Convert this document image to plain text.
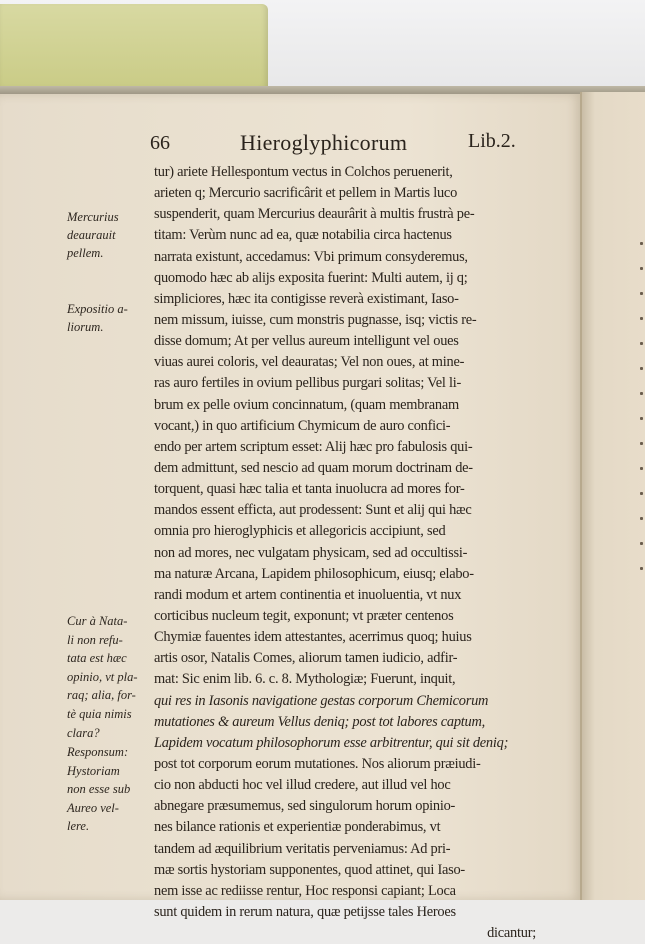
66	Hieroglyphicorum	Lib.2.
tur) ariete Hellespontum vectus in Colchos peruenerit,
arieten q; Mercurio sacrificârit et pellem in Martis luco
suspenderit, quam Mercurius deaurârit à multis frustrà pe-
titam: Verùm nunc ad ea, quæ notabilia circa hactenus
narrata existunt, accedamus: Vbi primum consyderemus,
quomodo hæc ab alijs exposita fuerint: Multi autem, ij q;
simpliciores, hæc ita contigisse reverà existimant, Iaso-
nem missum, iuisse, cum monstris pugnasse, isq; victis re-
disse domum; At per vellus aureum intelligunt vel oues
viuas aurei coloris, vel deauratas; Vel non oues, at mine-
ras auro fertiles in ovium pellibus purgari solitas; Vel li-
brum ex pelle ovium concinnatum, (quam membranam
vocant,) in quo artificium Chymicum de auro confici-
endo per artem scriptum esset: Alij hæc pro fabulosis qui-
dem admittunt, sed nescio ad quam morum doctrinam de-
torquent, quasi hæc talia et tanta inuolucra ad mores for-
mandos essent efficta, aut prodessent: Sunt et alij qui hæc
omnia pro hieroglyphicis et allegoricis accipiunt, sed
non ad mores, nec vulgatam physicam, sed ad occultissi-
ma naturæ Arcana, Lapidem philosophicum, eiusq; elabo-
randi modum et artem continentia et inuoluentia, vt nux
corticibus nucleum tegit, exponunt; vt præter centenos
Chymiæ fauentes idem attestantes, acerrimus quoq; huius
artis osor, Natalis Comes, aliorum tamen iudicio, adfir-
mat: Sic enim lib. 6. c. 8. Mythologiæ; Fuerunt, inquit,
qui res in Iasonis navigatione gestas corporum Chemicorum
mutationes & aureum Vellus deniq; post tot labores captum,
Lapidem vocatum philosophorum esse arbitrentur, qui sit deniq;
post tot corporum eorum mutationes. Nos aliorum præiudi-
cio non abducti hoc vel illud credere, aut illud vel hoc
abnegare præsumemus, sed singulorum horum opinio-
nes bilance rationis et experientiæ ponderabimus, vt
tandem ad æquilibrium veritatis perveniamus: Ad pri-
mæ sortis hystoriam supponentes, quod attinet, qui Iaso-
nem isse ac rediisse rentur, Hoc responsi capiant; Loca
sunt quidem in rerum natura, quæ petijsse tales Heroes
dicantur;
Mercurius
deaurauit
pellem.
Expositio a-
liorum.
Cur à Nata-
li non refu-
tata est hæc
opinio, vt pla-
raq; alia, for-
tè quia nimis
clara?
Responsum:
Hystoriam
non esse sub
Aureo vel-
lere.
